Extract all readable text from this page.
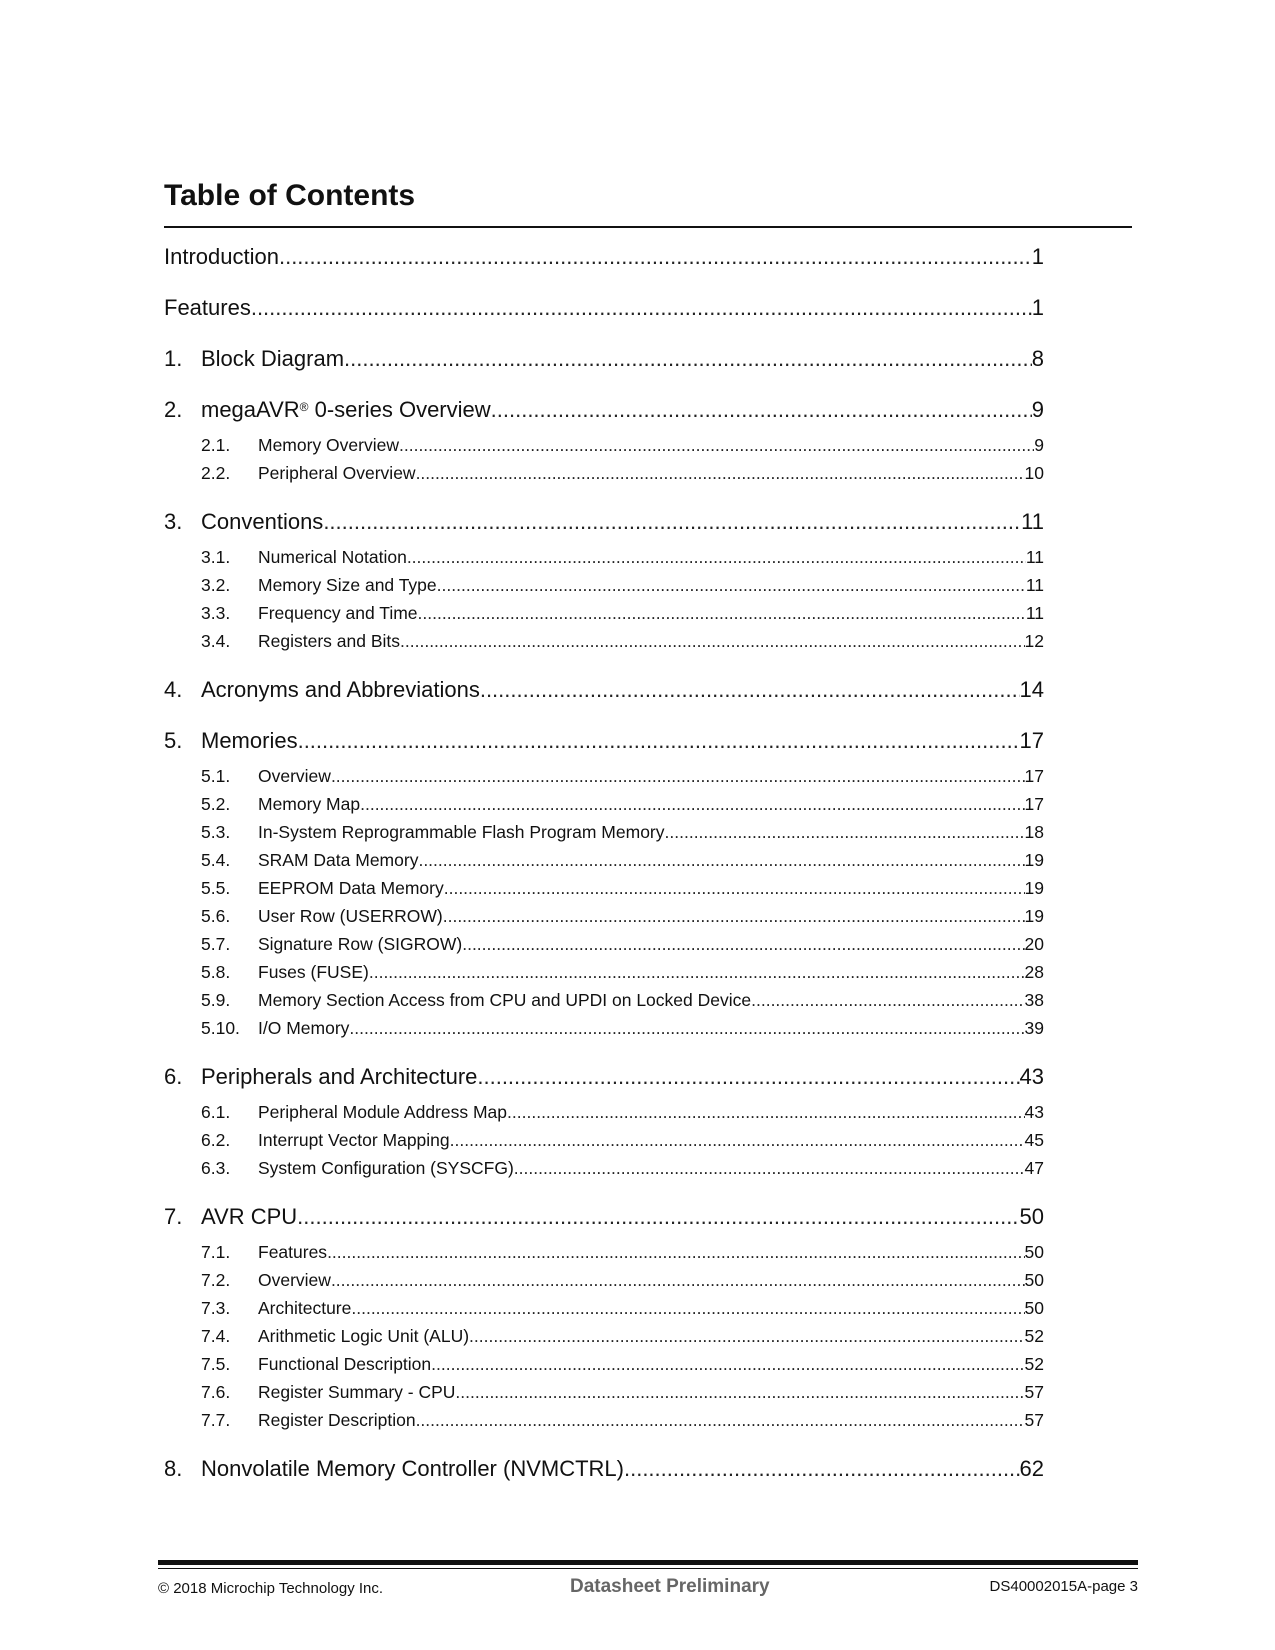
Table of Contents
Introduction .....	1
Features .....	1
1. Block Diagram .....	8
2. megaAVR® 0-series Overview .....	9
2.1.	Memory Overview .....	9
2.2.	Peripheral Overview .....	10
3. Conventions .....	11
3.1.	Numerical Notation .....	11
3.2.	Memory Size and Type .....	11
3.3.	Frequency and Time .....	11
3.4.	Registers and Bits .....	12
4. Acronyms and Abbreviations .....	14
5. Memories .....	17
5.1.	Overview .....	17
5.2.	Memory Map .....	17
5.3.	In-System Reprogrammable Flash Program Memory .....	18
5.4.	SRAM Data Memory .....	19
5.5.	EEPROM Data Memory .....	19
5.6.	User Row (USERROW) .....	19
5.7.	Signature Row (SIGROW) .....	20
5.8.	Fuses (FUSE) .....	28
5.9.	Memory Section Access from CPU and UPDI on Locked Device .....	38
5.10.	I/O Memory .....	39
6. Peripherals and Architecture .....	43
6.1.	Peripheral Module Address Map .....	43
6.2.	Interrupt Vector Mapping .....	45
6.3.	System Configuration (SYSCFG) .....	47
7. AVR CPU .....	50
7.1.	Features .....	50
7.2.	Overview .....	50
7.3.	Architecture .....	50
7.4.	Arithmetic Logic Unit (ALU) .....	52
7.5.	Functional Description .....	52
7.6.	Register Summary - CPU .....	57
7.7.	Register Description .....	57
8. Nonvolatile Memory Controller (NVMCTRL) .....	62
© 2018 Microchip Technology Inc.	Datasheet Preliminary	DS40002015A-page 3
